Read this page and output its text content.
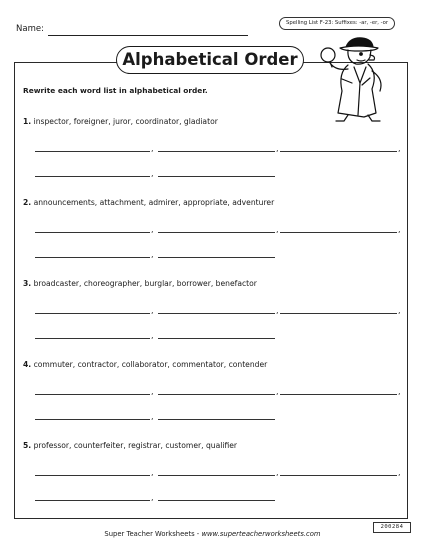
Name:
Spelling List F-23: Suffixes: -ar, -er, -or
Alphabetical Order
Rewrite each word list in alphabetical order.
1. inspector, foreigner, juror, coordinator, gladiator
,	,	,
,
2. announcements, attachment, admirer, appropriate, adventurer
,	,	,
,
3. broadcaster, choreographer, burglar, borrower, benefactor
,	,	,
,
4. commuter, contractor, collaborator, commentator, contender
,	,	,
,
5. professor, counterfeiter, registrar, customer, qualifier
,	,	,
,
Super Teacher Worksheets - www.superteacherworksheets.com
200284
